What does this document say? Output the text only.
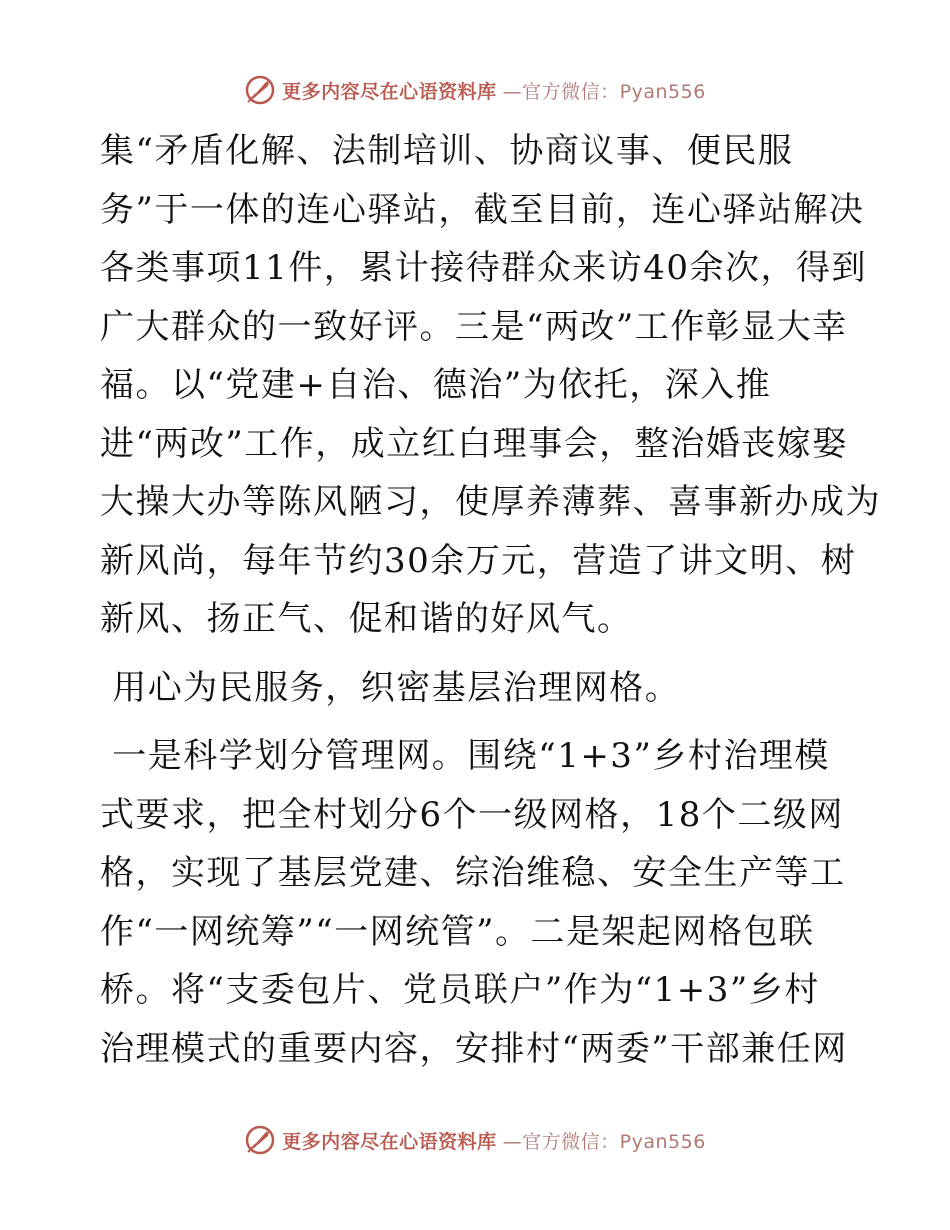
更多内容尽在心语资料库 —官方微信：Pyan556
集“矛盾化解、法制培训、协商议事、便民服
务”于一体的连心驿站，截至目前，连心驿站解决
各类事项11件，累计接待群众来访40余次，得到
广大群众的一致好评。三是“两改”工作彰显大幸
福。以“党建+自治、德治”为依托，深入推
进“两改”工作，成立红白理事会，整治婚丧嫁娶
大操大办等陈风陋习，使厚养薄葬、喜事新办成为
新风尚，每年节约30余万元，营造了讲文明、树
新风、扬正气、促和谐的好风气。
用心为民服务，织密基层治理网格。
一是科学划分管理网。围绕“1+3”乡村治理模
式要求，把全村划分6个一级网格，18个二级网
格，实现了基层党建、综治维稳、安全生产等工
作“一网统筹”“一网统管”。二是架起网格包联
桥。将“支委包片、党员联户”作为“1+3”乡村
治理模式的重要内容，安排村“两委”干部兼任网
更多内容尽在心语资料库 —官方微信：Pyan556
